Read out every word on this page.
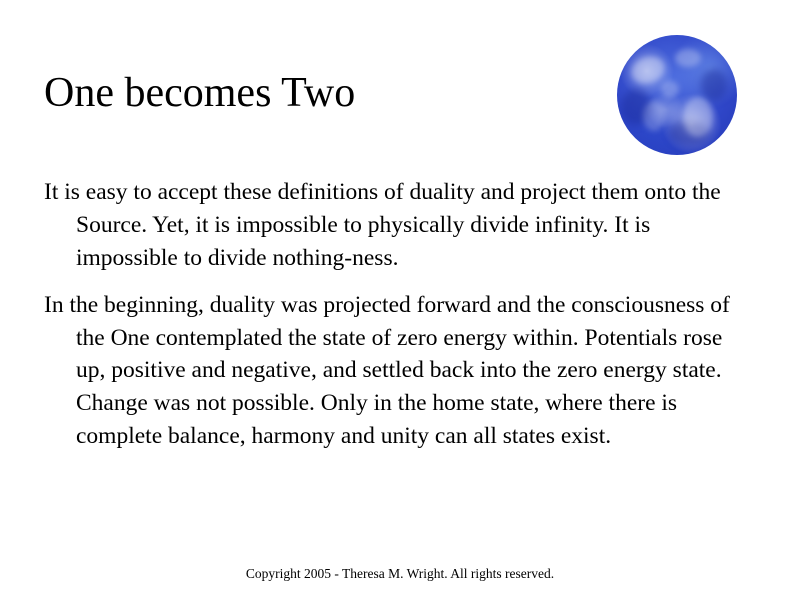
One becomes Two

It is easy to accept these definitions of duality and project them onto the Source. Yet, it is impossible to physically divide infinity. It is impossible to divide nothing-ness.

In the beginning, duality was projected forward and the consciousness of the One contemplated the state of zero energy within. Potentials rose up, positive and negative, and settled back into the zero energy state. Change was not possible. Only in the home state, where there is complete balance, harmony and unity can all states exist.

Copyright 2005 - Theresa M. Wright. All rights reserved.
